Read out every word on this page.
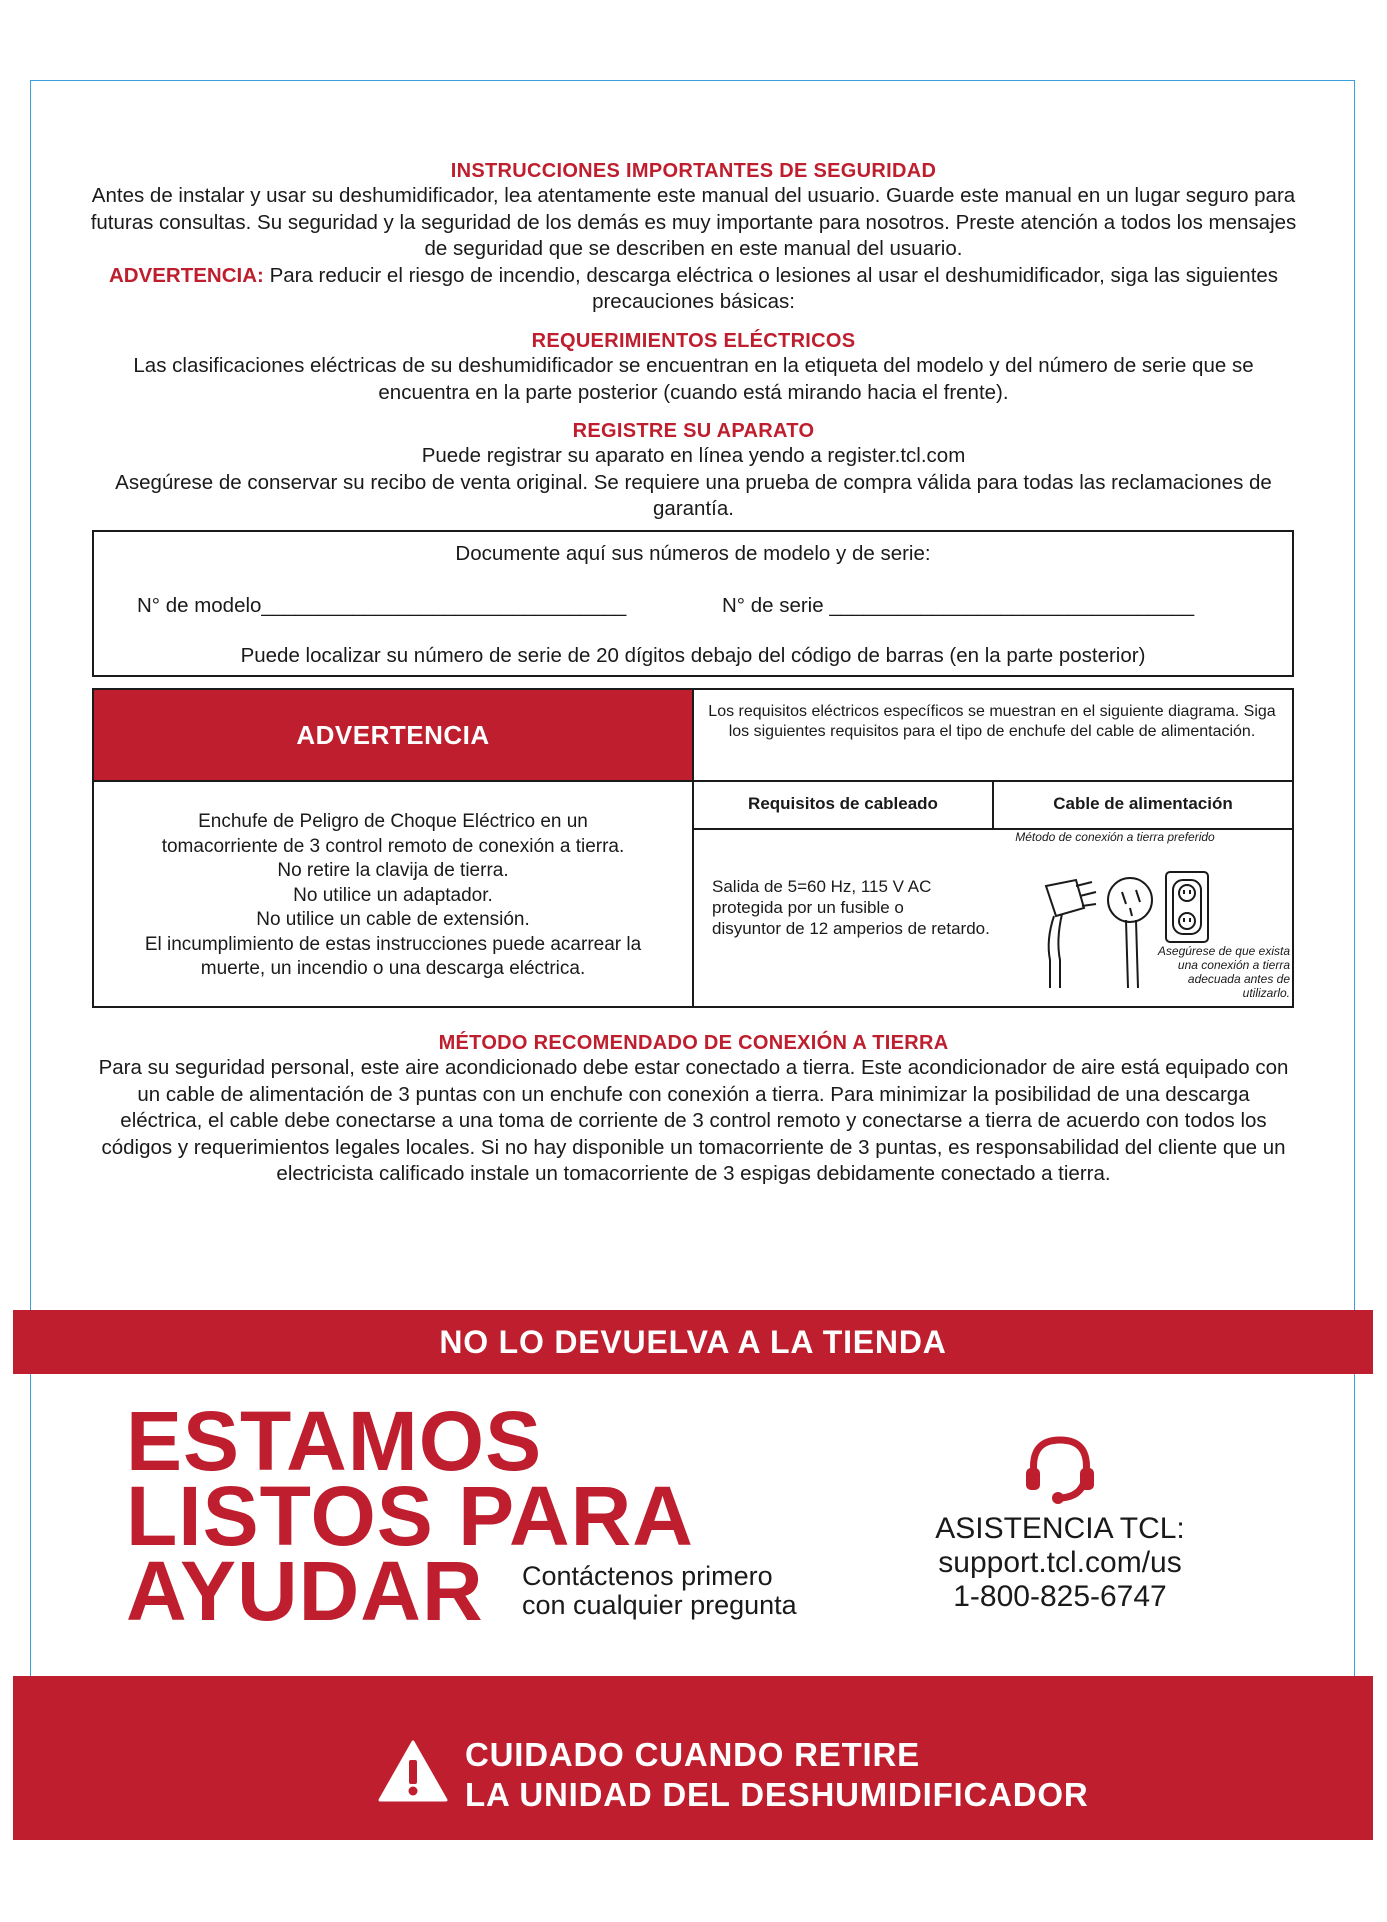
INSTRUCCIONES IMPORTANTES DE SEGURIDAD

Antes de instalar y usar su deshumidificador, lea atentamente este manual del usuario. Guarde este manual en un lugar seguro para futuras consultas. Su seguridad y la seguridad de los demás es muy importante para nosotros. Preste atención a todos los mensajes de seguridad que se describen en este manual del usuario.

ADVERTENCIA: Para reducir el riesgo de incendio, descarga eléctrica o lesiones al usar el deshumidificador, siga las siguientes precauciones básicas:

REQUERIMIENTOS ELÉCTRICOS

Las clasificaciones eléctricas de su deshumidificador se encuentran en la etiqueta del modelo y del número de serie que se encuentra en la parte posterior (cuando está mirando hacia el frente).

REGISTRE SU APARATO

Puede registrar su aparato en línea yendo a register.tcl.com

Asegúrese de conservar su recibo de venta original. Se requiere una prueba de compra válida para todas las reclamaciones de garantía.

Documente aquí sus números de modelo y de serie:
N° de modelo________________________________	N° de serie ________________________________
Puede localizar su número de serie de 20 dígitos debajo del código de barras (en la parte posterior)
ADVERTENCIA
Los requisitos eléctricos específicos se muestran en el siguiente diagrama. Siga los siguientes requisitos para el tipo de enchufe del cable de alimentación.
Requisitos de cableado	Cable de alimentación
Enchufe de Peligro de Choque Eléctrico en un
tomacorriente de 3 control remoto de conexión a tierra.
No retire la clavija de tierra.
No utilice un adaptador.
No utilice un cable de extensión.
El incumplimiento de estas instrucciones puede acarrear la
muerte, un incendio o una descarga eléctrica.
Salida de 5=60 Hz, 115 V AC
protegida por un fusible o
disyuntor de 12 amperios de retardo.
Método de conexión a tierra preferido
Asegúrese de que exista una conexión a tierra adecuada antes de utilizarlo.
MÉTODO RECOMENDADO DE CONEXIÓN A TIERRA

Para su seguridad personal, este aire acondicionado debe estar conectado a tierra. Este acondicionador de aire está equipado con un cable de alimentación de 3 puntas con un enchufe con conexión a tierra. Para minimizar la posibilidad de una descarga eléctrica, el cable debe conectarse a una toma de corriente de 3 control remoto y conectarse a tierra de acuerdo con todos los códigos y requerimientos legales locales. Si no hay disponible un tomacorriente de 3 puntas, es responsabilidad del cliente que un electricista calificado instale un tomacorriente de 3 espigas debidamente conectado a tierra.

NO LO DEVUELVA A LA TIENDA
ESTAMOS
LISTOS PARA
AYUDAR	Contáctenos primero
con cualquier pregunta
ASISTENCIA TCL:
support.tcl.com/us
1-800-825-6747
CUIDADO CUANDO RETIRE
LA UNIDAD DEL DESHUMIDIFICADOR
